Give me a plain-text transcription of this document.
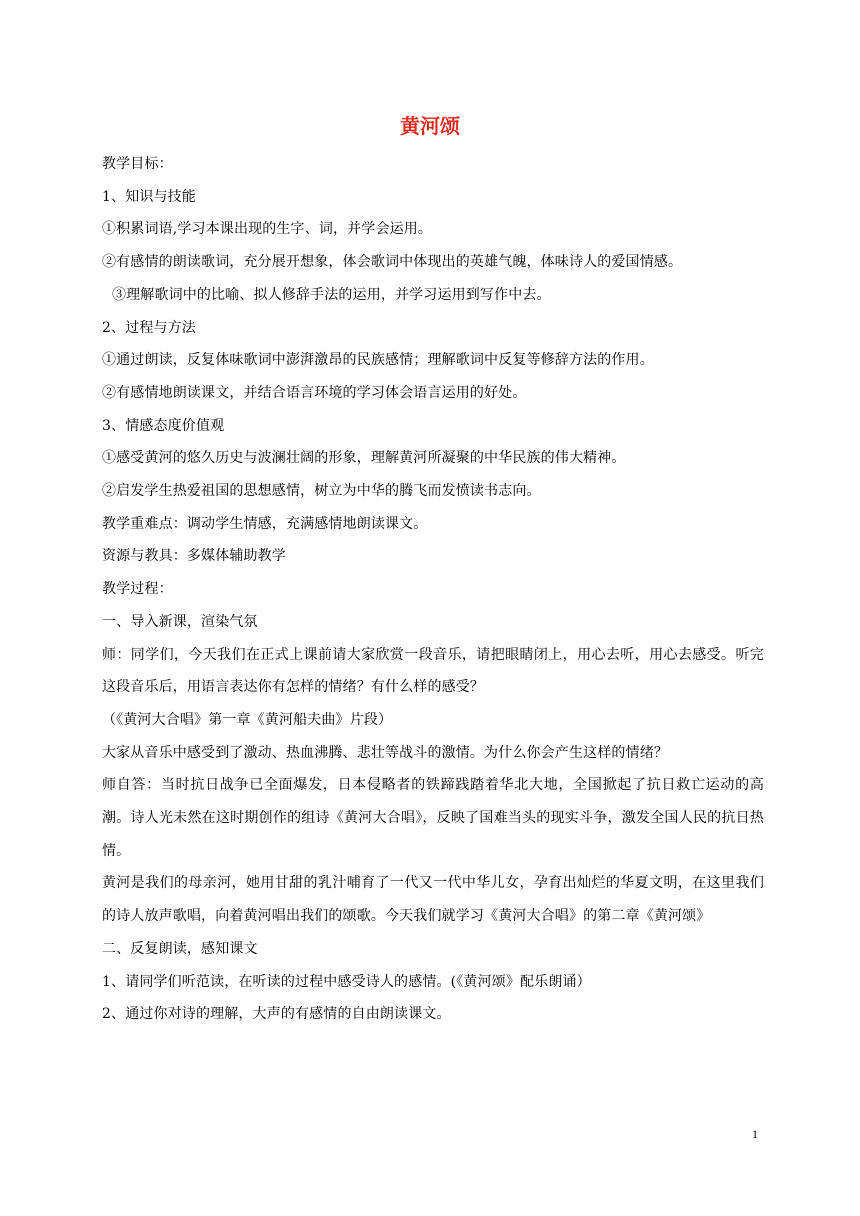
黄河颂

教学目标：

1、知识与技能

①积累词语,学习本课出现的生字、词，并学会运用。

②有感情的朗读歌词，充分展开想象，体会歌词中体现出的英雄气魄，体味诗人的爱国情感。

③理解歌词中的比喻、拟人修辞手法的运用，并学习运用到写作中去。

2、过程与方法

①通过朗读，反复体味歌词中澎湃激昂的民族感情；理解歌词中反复等修辞方法的作用。

②有感情地朗读课文，并结合语言环境的学习体会语言运用的好处。

3、情感态度价值观

①感受黄河的悠久历史与波澜壮阔的形象，理解黄河所凝聚的中华民族的伟大精神。

②启发学生热爱祖国的思想感情，树立为中华的腾飞而发愤读书志向。

教学重难点：调动学生情感，充满感情地朗读课文。

资源与教具：多媒体辅助教学

教学过程：

一、导入新课，渲染气氛

师：同学们，今天我们在正式上课前请大家欣赏一段音乐，请把眼睛闭上，用心去听，用心去感受。听完这段音乐后，用语言表达你有怎样的情绪？有什么样的感受？

（《黄河大合唱》第一章《黄河船夫曲》片段）

大家从音乐中感受到了激动、热血沸腾、悲壮等战斗的激情。为什么你会产生这样的情绪？

师自答：当时抗日战争已全面爆发，日本侵略者的铁蹄践踏着华北大地，全国掀起了抗日救亡运动的高潮。诗人光未然在这时期创作的组诗《黄河大合唱》，反映了国难当头的现实斗争，激发全国人民的抗日热情。

黄河是我们的母亲河，她用甘甜的乳汁哺育了一代又一代中华儿女，孕育出灿烂的华夏文明，在这里我们的诗人放声歌唱，向着黄河唱出我们的颂歌。今天我们就学习《黄河大合唱》的第二章《黄河颂》

二、反复朗读，感知课文

1、请同学们听范读，在听读的过程中感受诗人的感情。(《黄河颂》配乐朗诵）

2、通过你对诗的理解，大声的有感情的自由朗读课文。

1
